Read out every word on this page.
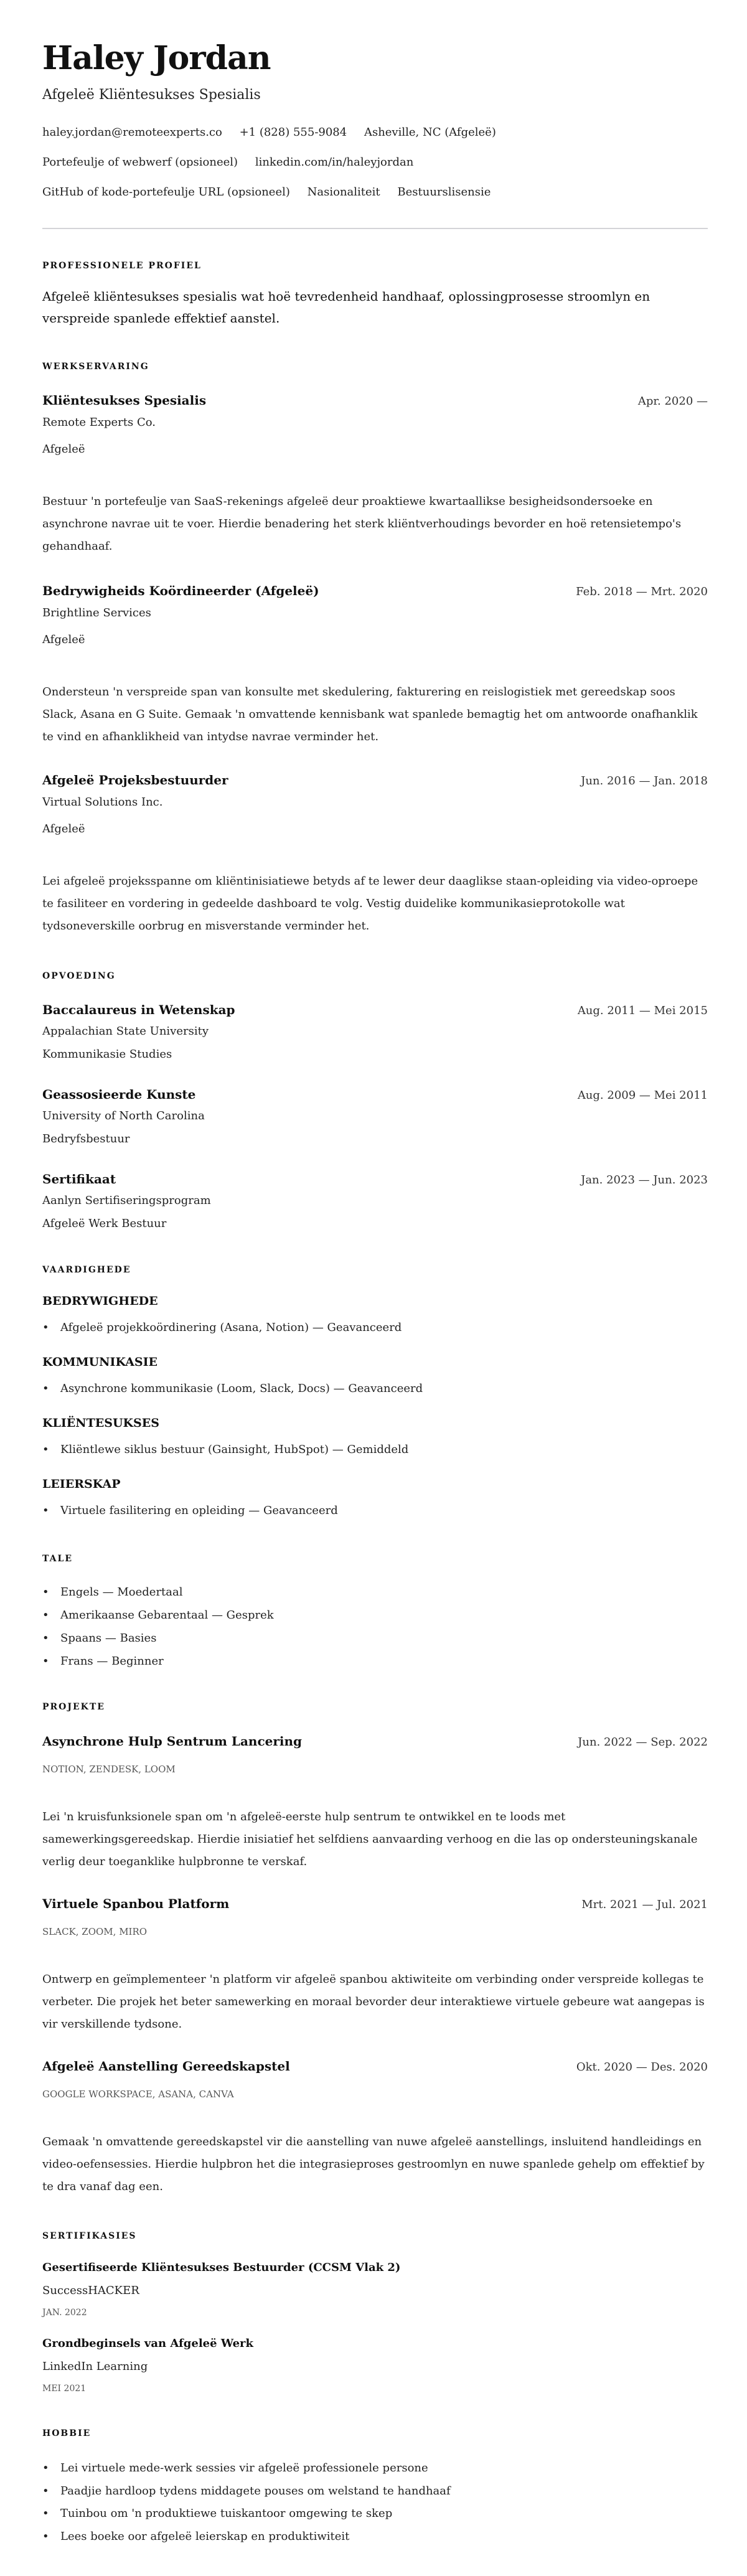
Haley Jordan
Afgeleë Kliëntesukses Spesialis
haley.jordan@remoteexperts.co +1 (828) 555-9084 Asheville, NC (Afgeleë)
Portefeulje of webwerf (opsioneel) linkedin.com/in/haleyjordan
GitHub of kode-portefeulje URL (opsioneel) Nasionaliteit Bestuurslisensie
PROFESSIONELE PROFIEL

Afgeleë kliëntesukses spesialis wat hoë tevredenheid handhaaf, oplossingprosesse stroomlyn en verspreide spanlede effektief aanstel.

WERKSERVARING
Kliëntesukses Spesialis	Apr. 2020 —
Remote Experts Co.
Afgeleë
Bestuur 'n portefeulje van SaaS-rekenings afgeleë deur proaktiewe kwartaallikse besigheidsondersoeke en asynchrone navrae uit te voer. Hierdie benadering het sterk kliëntverhoudings bevorder en hoë retensietempo's gehandhaaf.
Bedrywigheids Koördineerder (Afgeleë)	Feb. 2018 — Mrt. 2020
Brightline Services
Afgeleë
Ondersteun 'n verspreide span van konsulte met skedulering, fakturering en reislogistiek met gereedskap soos Slack, Asana en G Suite. Gemaak 'n omvattende kennisbank wat spanlede bemagtig het om antwoorde onafhanklik te vind en afhanklikheid van intydse navrae verminder het.
Afgeleë Projeksbestuurder	Jun. 2016 — Jan. 2018
Virtual Solutions Inc.
Afgeleë
Lei afgeleë projeksspanne om kliëntinisiatiewe betyds af te lewer deur daaglikse staan-opleiding via video-oproepe te fasiliteer en vordering in gedeelde dashboard te volg. Vestig duidelike kommunikasieprotokolle wat tydsoneverskille oorbrug en misverstande verminder het.
OPVOEDING
Baccalaureus in Wetenskap	Aug. 2011 — Mei 2015
Appalachian State University
Kommunikasie Studies
Geassosieerde Kunste	Aug. 2009 — Mei 2011
University of North Carolina
Bedryfsbestuur
Sertifikaat	Jan. 2023 — Jun. 2023
Aanlyn Sertifiseringsprogram
Afgeleë Werk Bestuur
VAARDIGHEDE
BEDRYWIGHEDE
• Afgeleë projekkoördinering (Asana, Notion) — Geavanceerd
KOMMUNIKASIE
• Asynchrone kommunikasie (Loom, Slack, Docs) — Geavanceerd
KLIËNTESUKSES
• Kliëntlewe siklus bestuur (Gainsight, HubSpot) — Gemiddeld
LEIERSKAP
• Virtuele fasilitering en opleiding — Geavanceerd
TALE
• Engels — Moedertaal
• Amerikaanse Gebarentaal — Gesprek
• Spaans — Basies
• Frans — Beginner
PROJEKTE
Asynchrone Hulp Sentrum Lancering	Jun. 2022 — Sep. 2022
NOTION, ZENDESK, LOOM
Lei 'n kruisfunksionele span om 'n afgeleë-eerste hulp sentrum te ontwikkel en te loods met samewerkingsgereedskap. Hierdie inisiatief het selfdiens aanvaarding verhoog en die las op ondersteuningskanale verlig deur toeganklike hulpbronne te verskaf.
Virtuele Spanbou Platform	Mrt. 2021 — Jul. 2021
SLACK, ZOOM, MIRO
Ontwerp en geïmplementeer 'n platform vir afgeleë spanbou aktiwiteite om verbinding onder verspreide kollegas te verbeter. Die projek het beter samewerking en moraal bevorder deur interaktiewe virtuele gebeure wat aangepas is vir verskillende tydsone.
Afgeleë Aanstelling Gereedskapstel	Okt. 2020 — Des. 2020
GOOGLE WORKSPACE, ASANA, CANVA
Gemaak 'n omvattende gereedskapstel vir die aanstelling van nuwe afgeleë aanstellings, insluitend handleidings en video-oefensessies. Hierdie hulpbron het die integrasieproses gestroomlyn en nuwe spanlede gehelp om effektief by te dra vanaf dag een.
SERTIFIKASIES
Gesertifiseerde Kliëntesukses Bestuurder (CCSM Vlak 2)
SuccessHACKER
JAN. 2022
Grondbeginsels van Afgeleë Werk
LinkedIn Learning
MEI 2021
HOBBIE
• Lei virtuele mede-werk sessies vir afgeleë professionele persone
• Paadjie hardloop tydens middagete pouses om welstand te handhaaf
• Tuinbou om 'n produktiewe tuiskantoor omgewing te skep
• Lees boeke oor afgeleë leierskap en produktiwiteit
